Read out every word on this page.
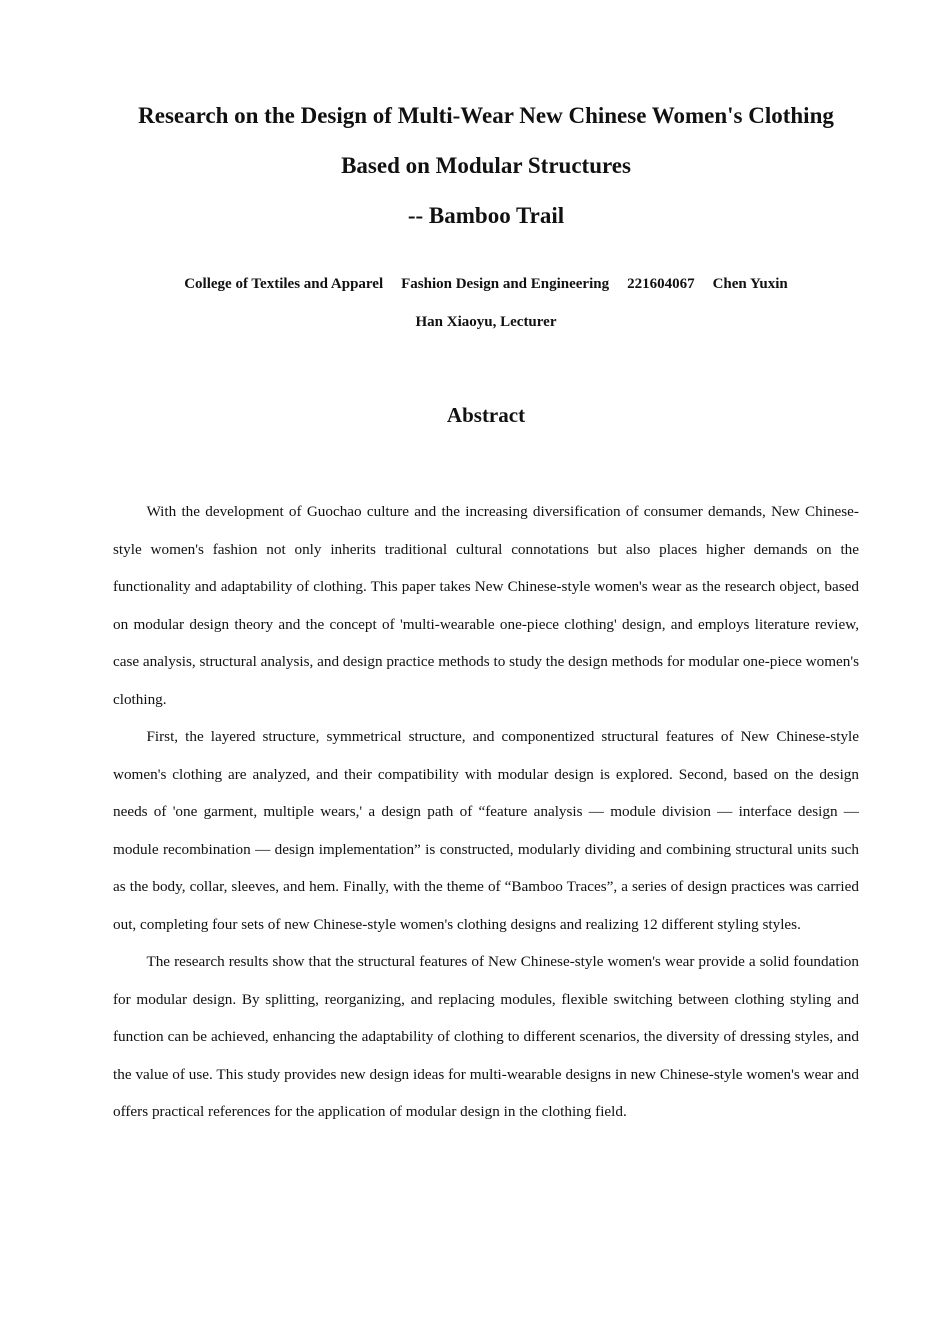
Research on the Design of Multi-Wear New Chinese Women's Clothing
Based on Modular Structures
-- Bamboo Trail
College of Textiles and Apparel Fashion Design and Engineering 221604067 Chen Yuxin
Han Xiaoyu, Lecturer
Abstract

With the development of Guochao culture and the increasing diversification of consumer demands, New Chinese-style women's fashion not only inherits traditional cultural connotations but also places higher demands on the functionality and adaptability of clothing. This paper takes New Chinese-style women's wear as the research object, based on modular design theory and the concept of 'multi-wearable one-piece clothing' design, and employs literature review, case analysis, structural analysis, and design practice methods to study the design methods for modular one-piece women's clothing.

First, the layered structure, symmetrical structure, and componentized structural features of New Chinese-style women's clothing are analyzed, and their compatibility with modular design is explored. Second, based on the design needs of 'one garment, multiple wears,' a design path of “feature analysis — module division — interface design — module recombination — design implementation” is constructed, modularly dividing and combining structural units such as the body, collar, sleeves, and hem. Finally, with the theme of “Bamboo Traces”, a series of design practices was carried out, completing four sets of new Chinese-style women's clothing designs and realizing 12 different styling styles.

The research results show that the structural features of New Chinese-style women's wear provide a solid foundation for modular design. By splitting, reorganizing, and replacing modules, flexible switching between clothing styling and function can be achieved, enhancing the adaptability of clothing to different scenarios, the diversity of dressing styles, and the value of use. This study provides new design ideas for multi-wearable designs in new Chinese-style women's wear and offers practical references for the application of modular design in the clothing field.
